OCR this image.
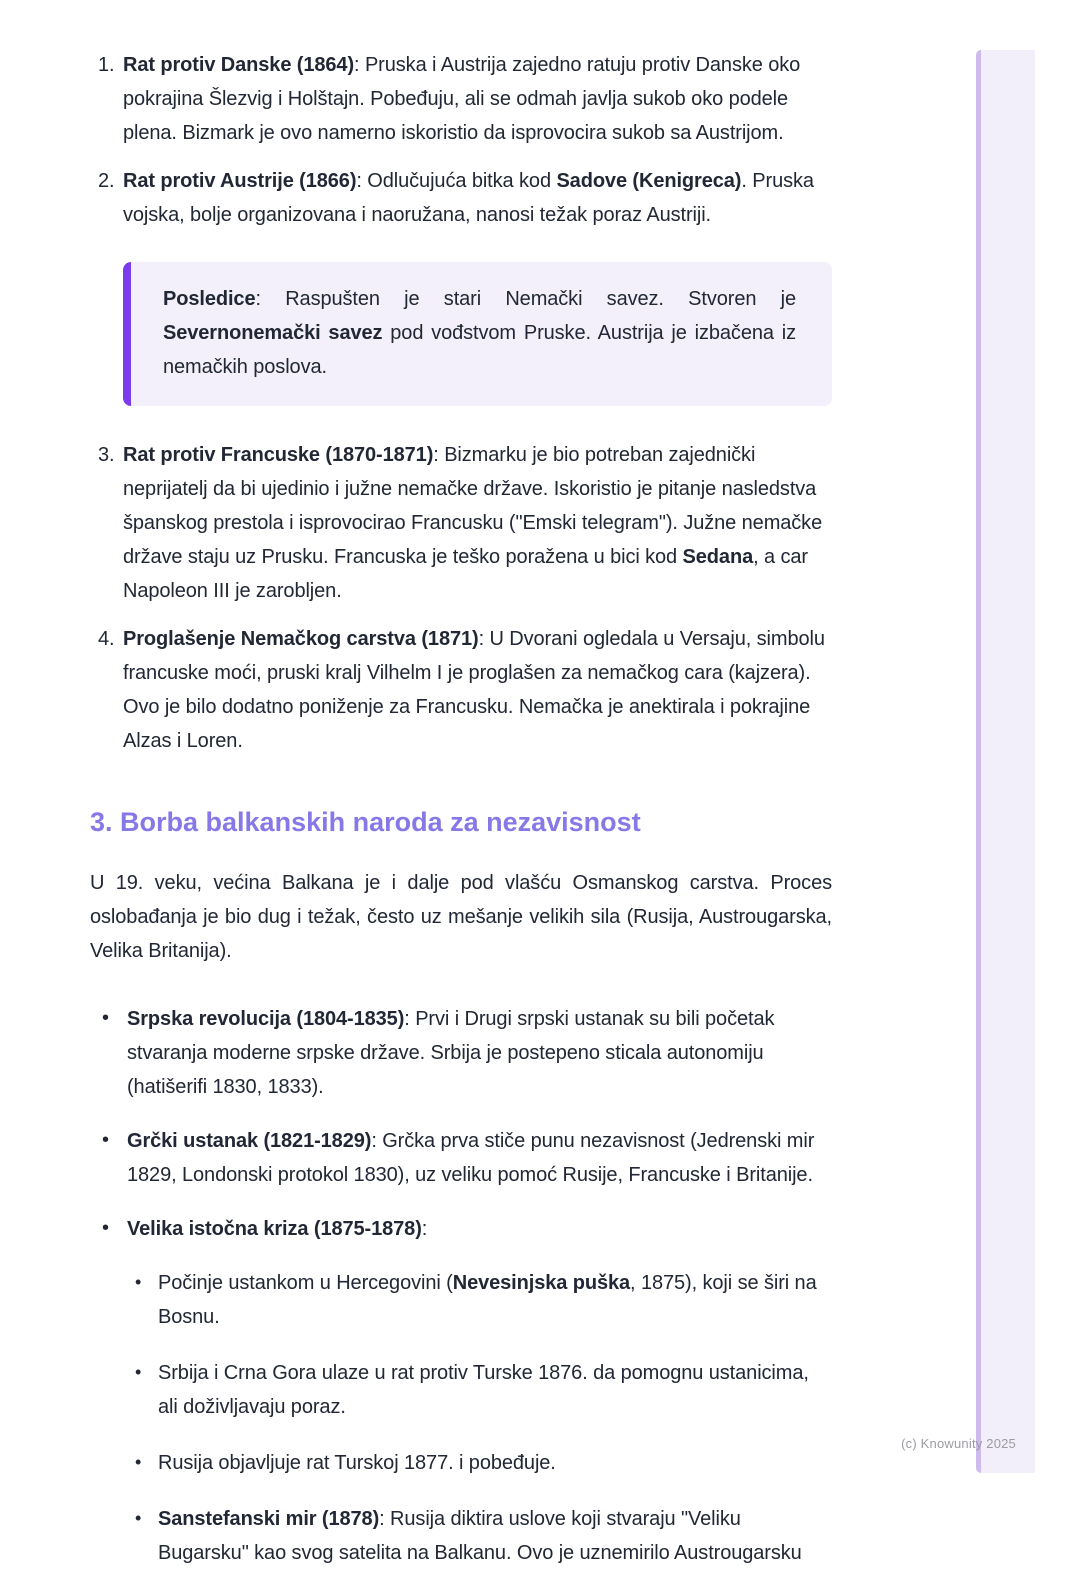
1. Rat protiv Danske (1864): Pruska i Austrija zajedno ratuju protiv Danske oko pokrajina Šlezvig i Holštajn. Pobeđuju, ali se odmah javlja sukob oko podele plena. Bizmark je ovo namerno iskoristio da isprovocira sukob sa Austrijom.
2. Rat protiv Austrije (1866): Odlučujuća bitka kod Sadove (Kenigreca). Pruska vojska, bolje organizovana i naoružana, nanosi težak poraz Austriji.
Posledice: Raspušten je stari Nemački savez. Stvoren je Severnonemački savez pod vođstvom Pruske. Austrija je izbačena iz nemačkih poslova.
3. Rat protiv Francuske (1870-1871): Bizmarku je bio potreban zajednički neprijatelj da bi ujedinio i južne nemačke države. Iskoristio je pitanje nasledstva španskog prestola i isprovocirao Francusku ("Emski telegram"). Južne nemačke države staju uz Prusku. Francuska je teško poražena u bici kod Sedana, a car Napoleon III je zarobljen.
4. Proglašenje Nemačkog carstva (1871): U Dvorani ogledala u Versaju, simbolu francuske moći, pruski kralj Vilhelm I je proglašen za nemačkog cara (kajzera). Ovo je bilo dodatno poniženje za Francusku. Nemačka je anektirala i pokrajine Alzas i Loren.
3. Borba balkanskih naroda za nezavisnost

U 19. veku, većina Balkana je i dalje pod vlašću Osmanskog carstva. Proces oslobađanja je bio dug i težak, često uz mešanje velikih sila (Rusija, Austrougarska, Velika Britanija).

• Srpska revolucija (1804-1835): Prvi i Drugi srpski ustanak su bili početak stvaranja moderne srpske države. Srbija je postepeno sticala autonomiju (hatišerifi 1830, 1833).
• Grčki ustanak (1821-1829): Grčka prva stiče punu nezavisnost (Jedrenski mir 1829, Londonski protokol 1830), uz veliku pomoć Rusije, Francuske i Britanije.
• Velika istočna kriza (1875-1878):
• Počinje ustankom u Hercegovini (Nevesinjska puška, 1875), koji se širi na Bosnu.
• Srbija i Crna Gora ulaze u rat protiv Turske 1876. da pomognu ustanicima, ali doživljavaju poraz.
• Rusija objavljuje rat Turskoj 1877. i pobeđuje.
• Sanstefanski mir (1878): Rusija diktira uslove koji stvaraju "Veliku Bugarsku" kao svog satelita na Balkanu. Ovo je uznemirilo Austrougarsku
(c) Knowunity 2025
